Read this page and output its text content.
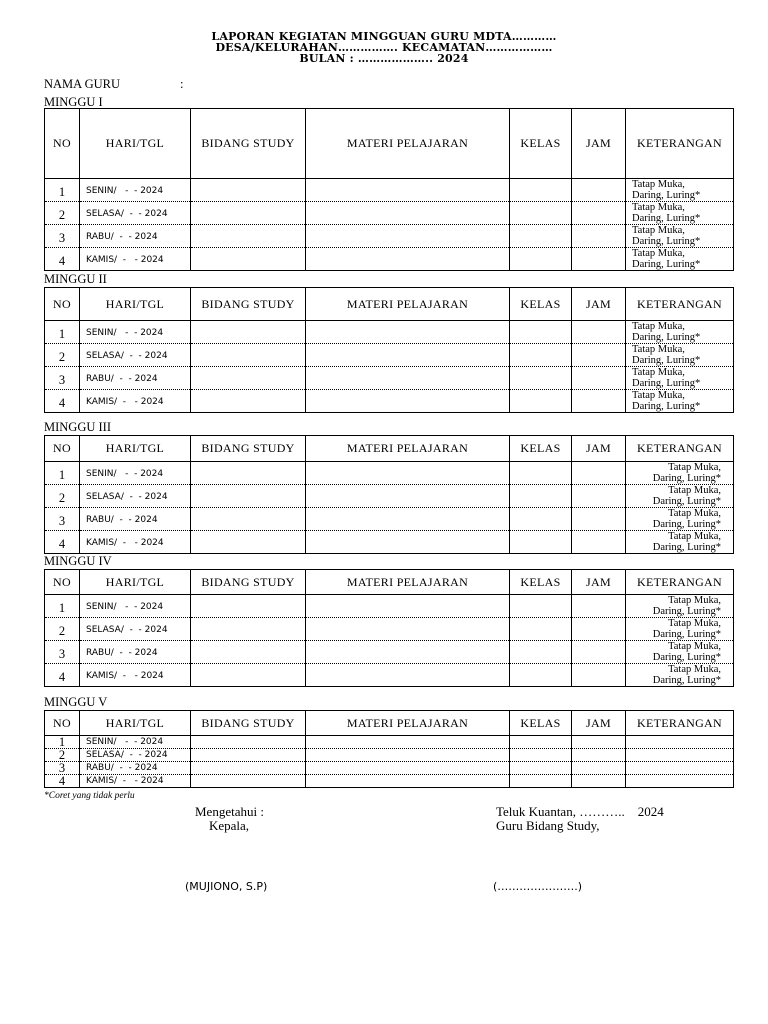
LAPORAN KEGIATAN MINGGUAN GURU MDTA…………
DESA/KELURAHAN……………. KECAMATAN………………
BULAN : ……………….. 2024
NAMA GURU	:
MINGGU I
NO	HARI/TGL	BIDANG STUDY	MATERI PELAJARAN	KELAS	JAM	KETERANGAN
1	SENIN/   -  - 2024					Tatap Muka,
Daring, Luring*
2	SELASA/  -  - 2024					Tatap Muka,
Daring, Luring*
3	RABU/  -  - 2024					Tatap Muka,
Daring, Luring*
4	KAMIS/  -   - 2024					Tatap Muka,
Daring, Luring*
MINGGU II
NO	HARI/TGL	BIDANG STUDY	MATERI PELAJARAN	KELAS	JAM	KETERANGAN
1	SENIN/   -  - 2024					Tatap Muka,
Daring, Luring*
2	SELASA/  -  - 2024					Tatap Muka,
Daring, Luring*
3	RABU/  -  - 2024					Tatap Muka,
Daring, Luring*
4	KAMIS/  -   - 2024					Tatap Muka,
Daring, Luring*
MINGGU III
NO	HARI/TGL	BIDANG STUDY	MATERI PELAJARAN	KELAS	JAM	KETERANGAN
1	SENIN/   -  - 2024					Tatap Muka,
Daring, Luring*
2	SELASA/  -  - 2024					Tatap Muka,
Daring, Luring*
3	RABU/  -  - 2024					Tatap Muka,
Daring, Luring*
4	KAMIS/  -   - 2024					Tatap Muka,
Daring, Luring*
MINGGU IV
NO	HARI/TGL	BIDANG STUDY	MATERI PELAJARAN	KELAS	JAM	KETERANGAN
1	SENIN/   -  - 2024					Tatap Muka,
Daring, Luring*
2	SELASA/  -  - 2024					Tatap Muka,
Daring, Luring*
3	RABU/  -  - 2024					Tatap Muka,
Daring, Luring*
4	KAMIS/  -   - 2024					Tatap Muka,
Daring, Luring*
MINGGU V
NO	HARI/TGL	BIDANG STUDY	MATERI PELAJARAN	KELAS	JAM	KETERANGAN
1	SENIN/   -  - 2024					
2	SELASA/  -  - 2024					
3	RABU/  -  - 2024					
4	KAMIS/  -   - 2024					
*Coret yang tidak perlu
Mengetahui :
Kepala,
Teluk Kuantan, ………..    2024
Guru Bidang Study,
(MUJIONO, S.P)	(………………….)
